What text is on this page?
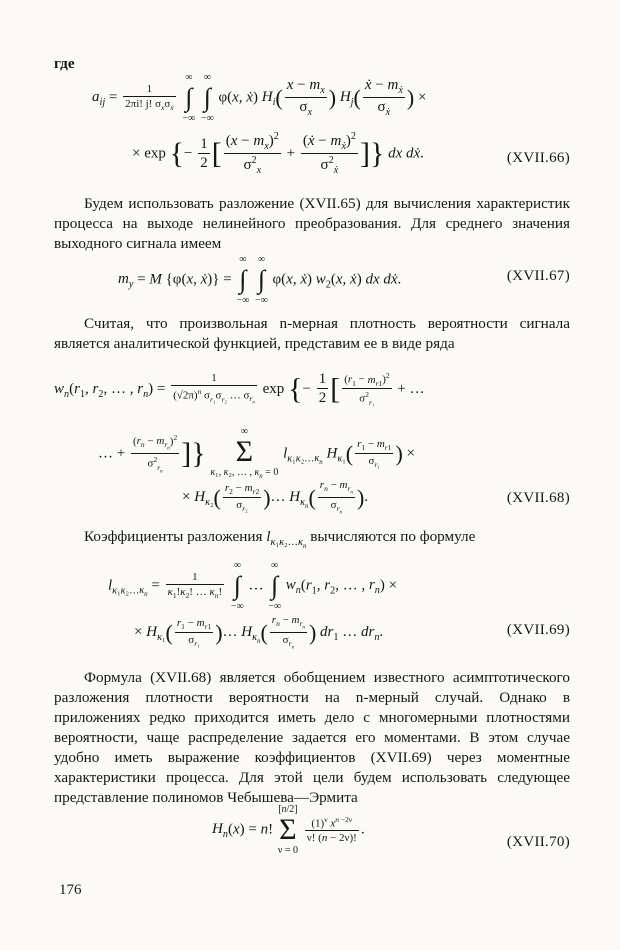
где
$a_{ij} = \frac{1}{2\pi i! j! \sigma_x\sigma_ẋ}$

∞
∫
−∞

∞
∫
−∞
φ(x, ẋ) $H_i( \frac{x - m_x}{\sigma_x}$ ) $H_j( \frac{ẋ - m_ẋ}{\sigma_ẋ}$ ) ×
× exp {− $\frac{1}{2}$ [ $\frac{(x - m_x)^2}{\sigma^2_x} + \frac{(ẋ - m_ẋ)^2}{\sigma^2_ẋ}$ ]} dx dẋ.	(XVII.66)

Будем использовать разложение (XVII.65) для вычисления характеристик процесса на выходе нелинейного преобразования. Для среднего значения выходного сигнала имеем

$m_y = M$ {φ(x, ẋ)} =
∞
∫
−∞

∞
∫
−∞
φ(x, ẋ) $w_2(x$, ẋ) dx dẋ.	(XVII.67)

Считая, что произвольная n-мерная плотность вероятности сигнала является аналитической функцией, представим ее в виде ряда

$w_n(r_1$, $r_2$, … , $r_n) = \frac{1}{(√2\pi)^n \sigma_{r_1}\sigma_{r_2} \dots \sigma_{r_n}}$ exp {− $\frac{1}{2}$ [ $\frac{(r_1 - m_{r1})^2}{\sigma^2_{r_1}}$ + …
… + $\frac{(r_n - m_{r_n})^2}{\sigma^2_{r_n}}$ ]}
∞
Σ
κ₁, κ₂, … , $\kappa_n = 0$
$l_{\kappa_1\kappa_2\dots\kappa_n}$ $H_{\kappa_1}( \frac{r_1 - m_{r1}}{\sigma_{r_1}}$ ) ×
× $H_{\kappa_2}( \frac{r_2 - m_{r2}}{\sigma_{r_2}}$ )… $H_{\kappa_n}( \frac{r_n - m_{r_n}}{\sigma_{r_n}}$ ).	(XVII.68)
Коэффициенты разложения $l_{\kappa_1\kappa_2\dots\kappa_n}$ вычисляются по формуле
$l_{\kappa_1\kappa_2\dots\kappa_n} = \frac{1}{\kappa_1!\kappa_2! \dots \kappa_n!}$

∞
∫
−∞
…
∞
∫
−∞
$w_n(r_1$, $r_2$, … , $r_n$) ×
× $H_{\kappa_1}( \frac{r_1 - m_{r1}}{\sigma_{r_1}}$ )… $H_{\kappa_n}( \frac{r_n - m_{r_n}}{\sigma_{r_n}}$ ) $dr_1$ … $dr_n$.	(XVII.69)

Формула (XVII.68) является обобщением известного асимптотического разложения плотности вероятности на n-мерный случай. Однако в приложениях редко приходится иметь дело с многомерными плотностями вероятности, чаще распределение задается его моментами. В этом случае удобно иметь выражение коэффициентов (XVII.69) через моментные характеристики процесса. Для этой цели будем использовать следующее представление полиномов Чебышева—Эрмита

$H_n(x) = n$!
[n/2]
Σ
ν = 0

$\frac{(1)^\nu x^{n -2\nu}}{\nu! (n - 2\nu)!}$ .
(XVII.70)
176
